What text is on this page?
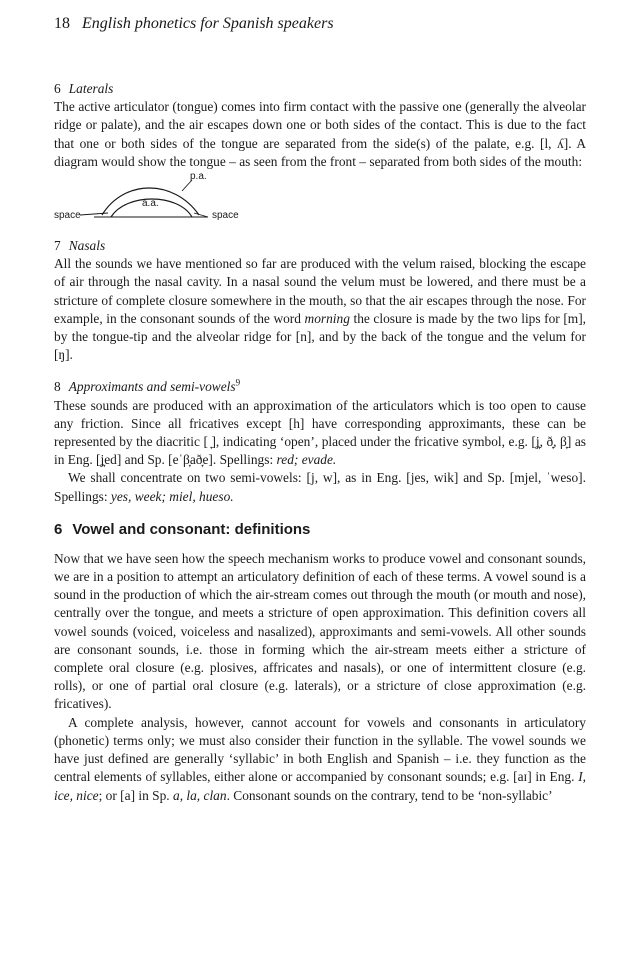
18 English phonetics for Spanish speakers

6 Laterals

The active articulator (tongue) comes into firm contact with the passive one (generally the alveolar ridge or palate), and the air escapes down one or both sides of the contact. This is due to the fact that one or both sides of the tongue are separated from the side(s) of the palate, e.g. [l, ʎ]. A diagram would show the tongue – as seen from the front – separated from both sides of the mouth:

p.a.
a.a.
space	space

7 Nasals

All the sounds we have mentioned so far are produced with the velum raised, blocking the escape of air through the nasal cavity. In a nasal sound the velum must be lowered, and there must be a stricture of complete closure somewhere in the mouth, so that the air escapes through the nose. For example, in the consonant sounds of the word morning the closure is made by the two lips for [m], by the tongue-tip and the alveolar ridge for [n], and by the back of the tongue and the velum for [ŋ].

8 Approximants and semi-vowels$^9$

These sounds are produced with an approximation of the articulators which is too open to cause any friction. Since all fricatives except [h] have corresponding approximants, these can be represented by the diacritic [ ̞], indicating ‘open’, placed under the fricative symbol, e.g. [ʝ̞, ð̞, β̞] as in Eng. [ʝ̞ed] and Sp. [eˈβ̞að̞e]. Spellings: red; evade.

We shall concentrate on two semi-vowels: [j, w], as in Eng. [jes, wik] and Sp. [mjel, ˈweso]. Spellings: yes, week; miel, hueso.

6 Vowel and consonant: definitions

Now that we have seen how the speech mechanism works to produce vowel and consonant sounds, we are in a position to attempt an articulatory definition of each of these terms. A vowel sound is a sound in the production of which the air-stream comes out through the mouth (or mouth and nose), centrally over the tongue, and meets a stricture of open approximation. This definition covers all vowel sounds (voiced, voiceless and nasalized), approximants and semi-vowels. All other sounds are consonant sounds, i.e. those in forming which the air-stream meets either a stricture of complete oral closure (e.g. plosives, affricates and nasals), or one of intermittent closure (e.g. rolls), or one of partial oral closure (e.g. laterals), or a stricture of close approximation (e.g. fricatives).

A complete analysis, however, cannot account for vowels and consonants in articulatory (phonetic) terms only; we must also consider their function in the syllable. The vowel sounds we have just defined are generally ‘syllabic’ in both English and Spanish – i.e. they function as the central elements of syllables, either alone or accompanied by consonant sounds; e.g. [aɪ] in Eng. I, ice, nice; or [a] in Sp. a, la, clan. Consonant sounds on the contrary, tend to be ‘non-syllabic’
